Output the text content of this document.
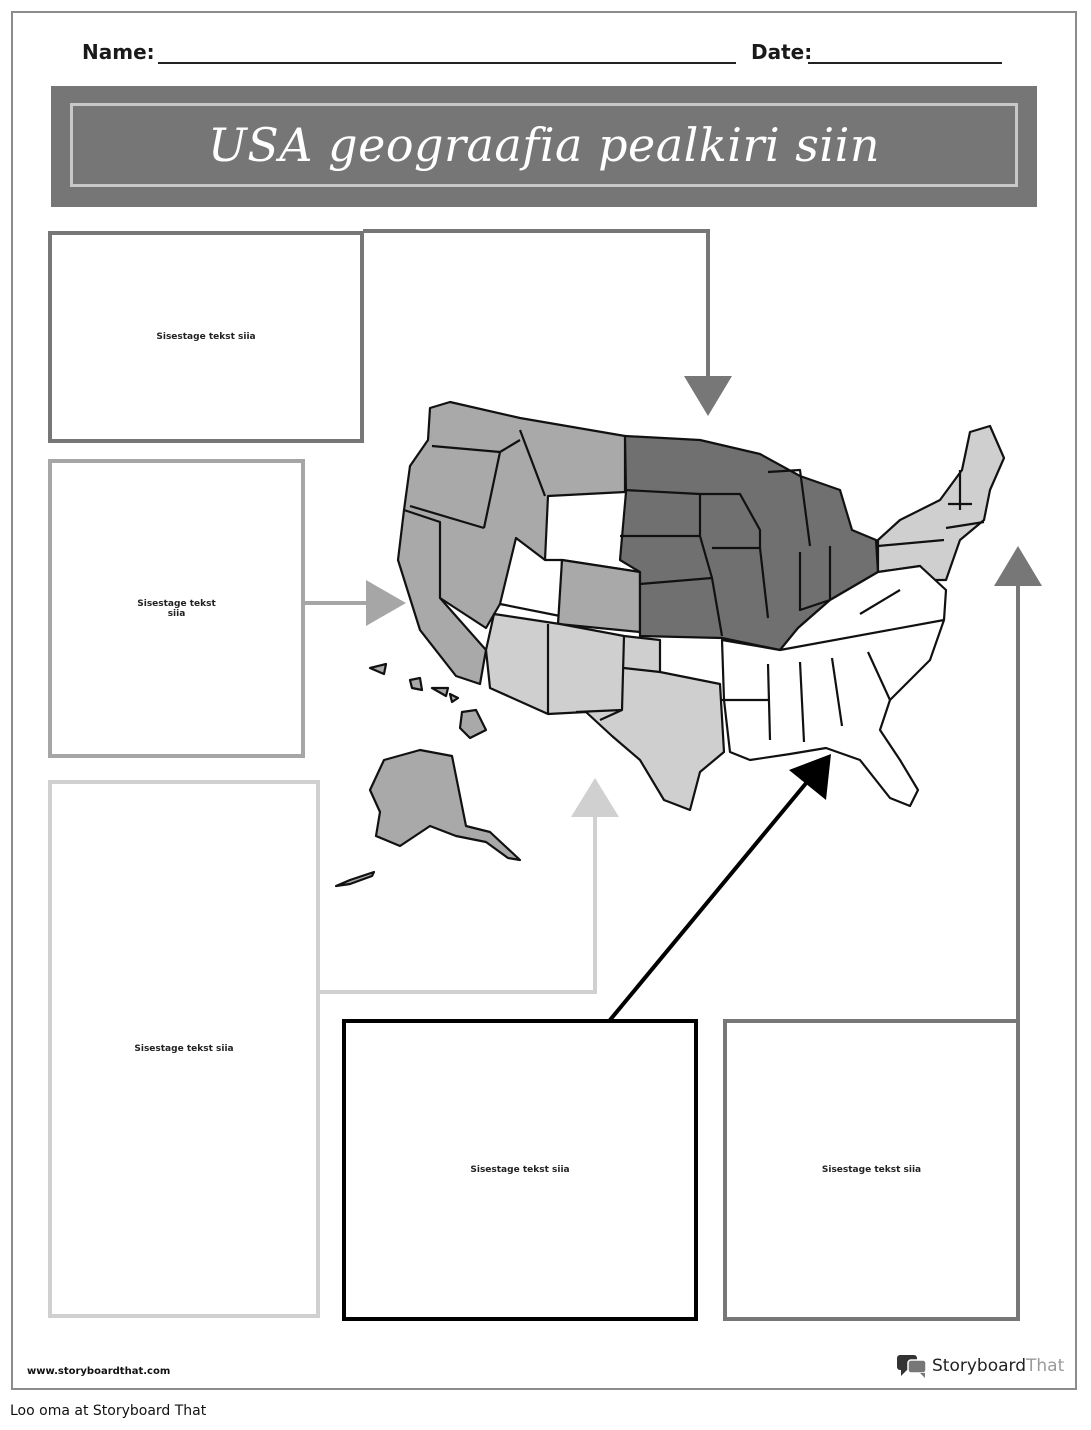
Name:	Date:
USA geograafia pealkiri siin
Sisestage tekst siia
Sisestage tekst
siia
Sisestage tekst siia
Sisestage tekst siia	Sisestage tekst siia
www.storyboardthat.com	StoryboardThat
Loo oma at Storyboard That
